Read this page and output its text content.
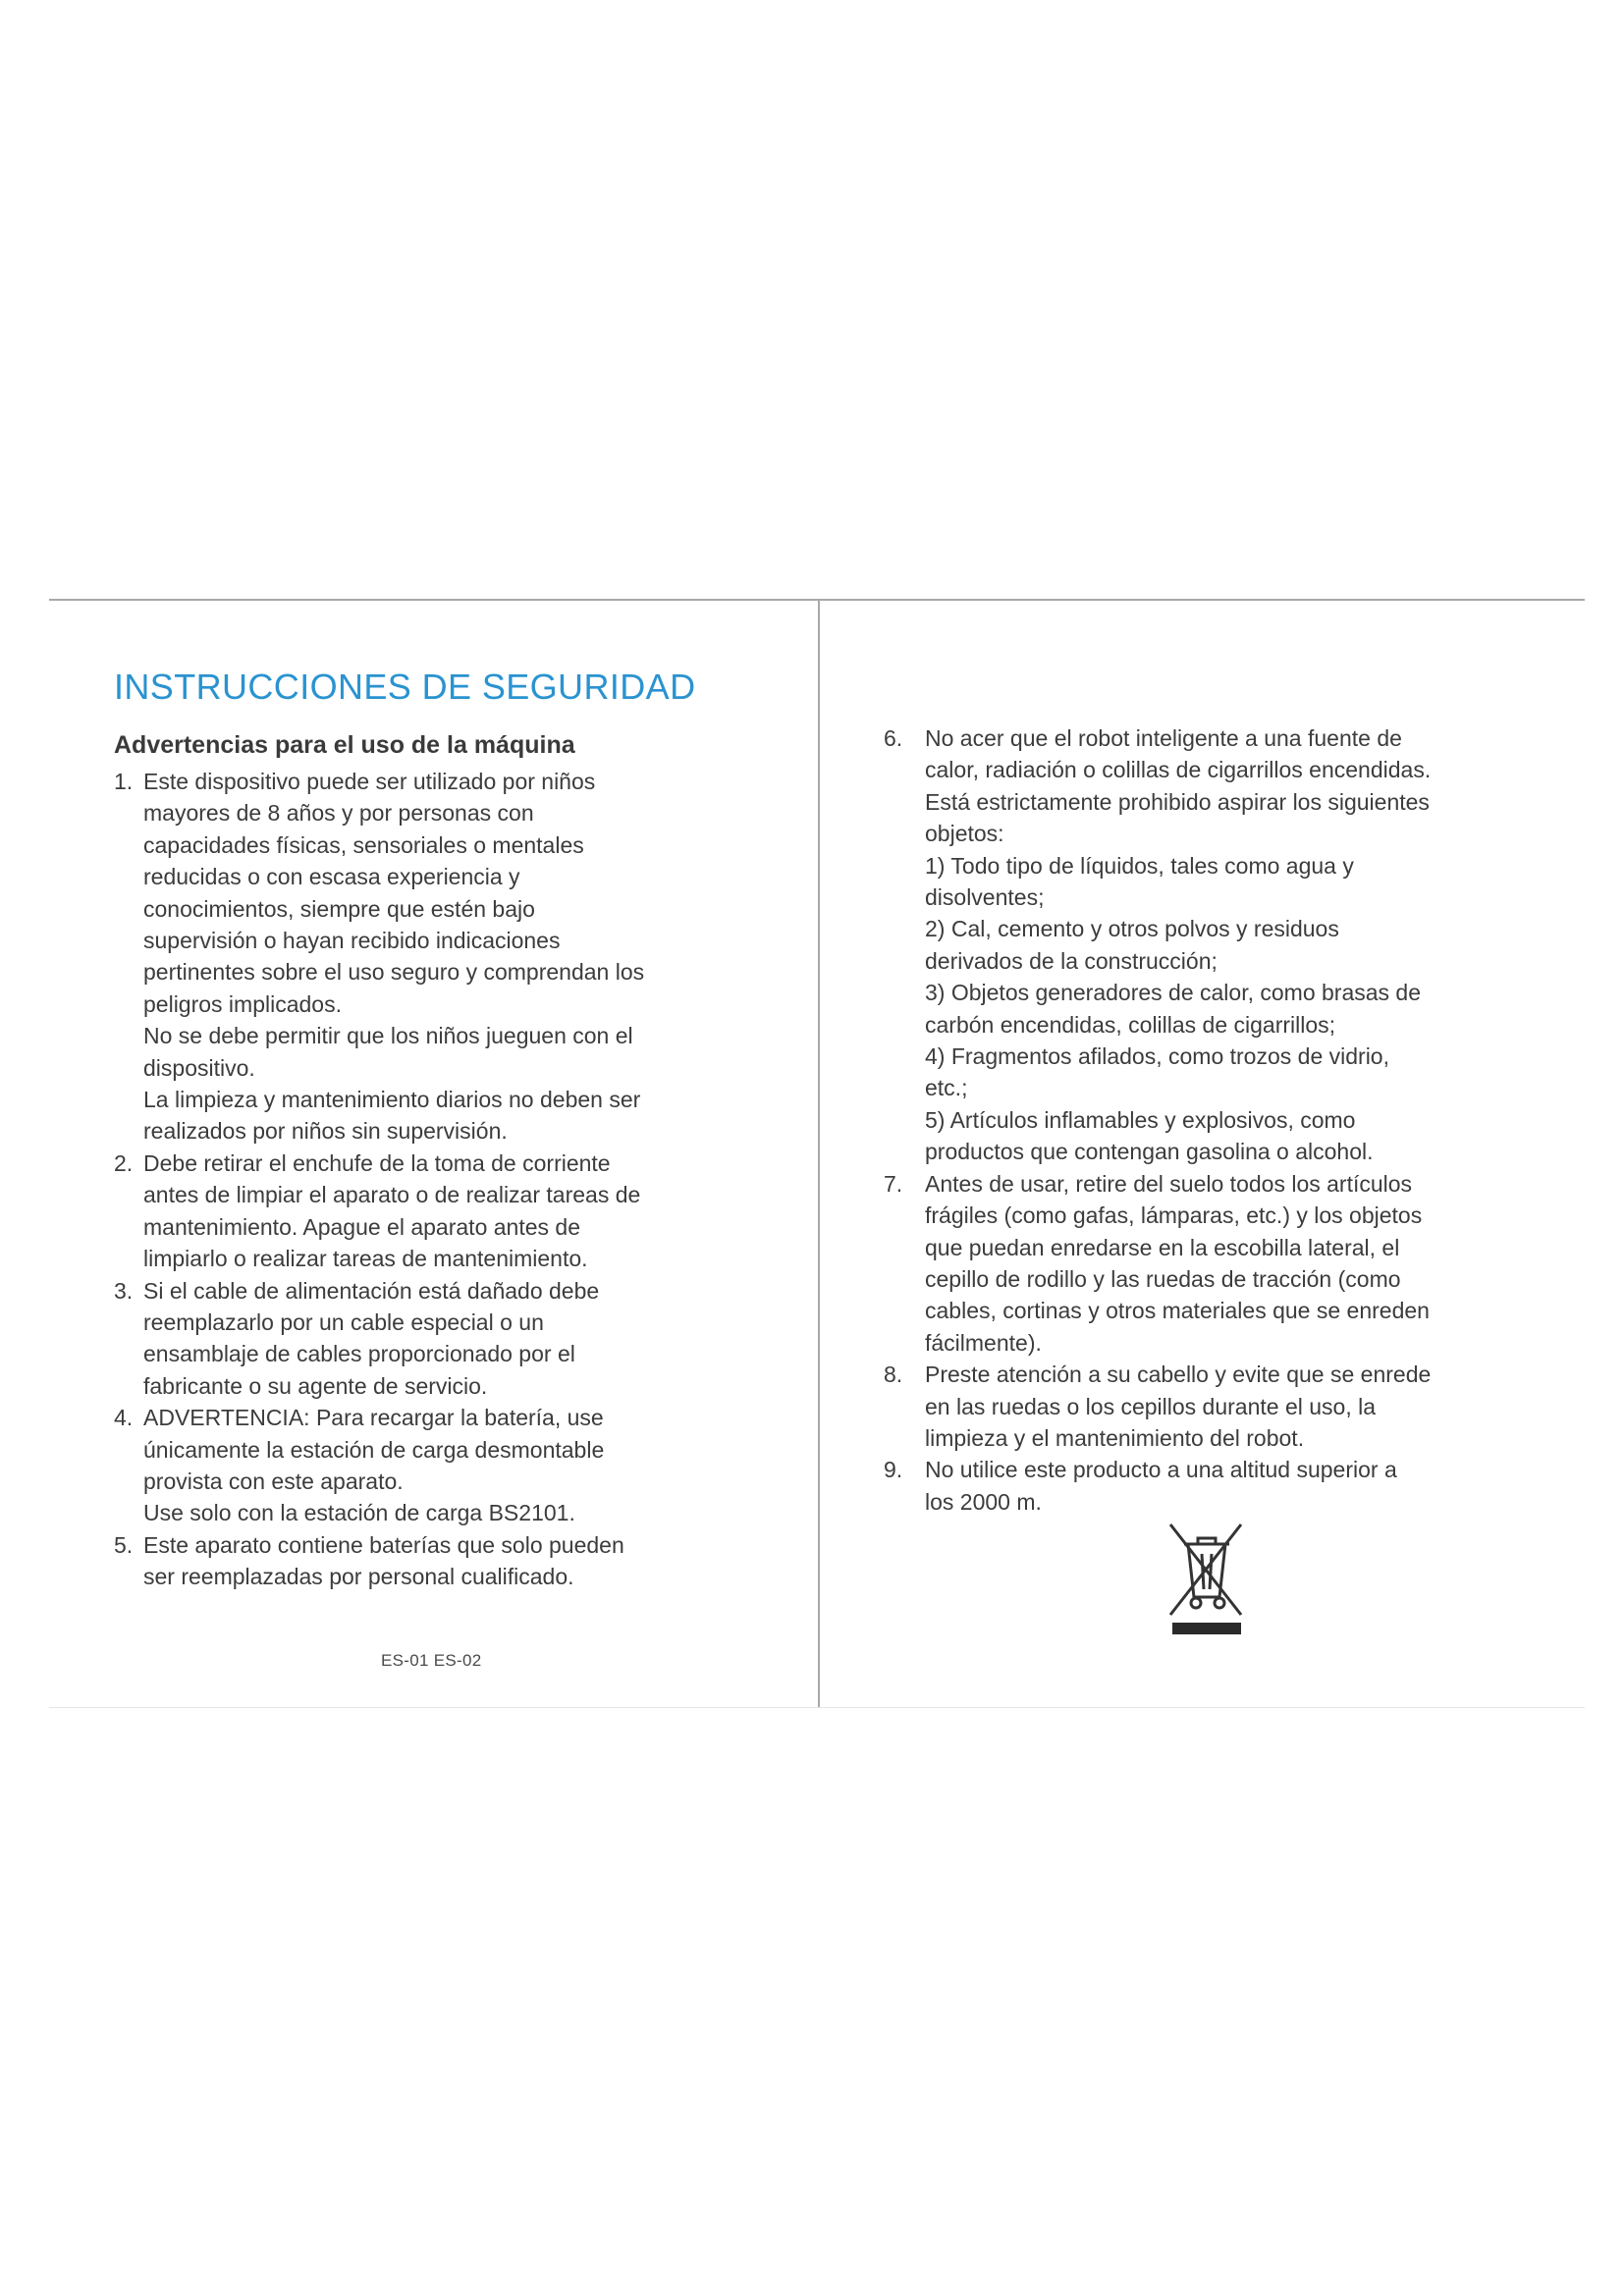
INSTRUCCIONES DE SEGURIDAD
Advertencias para el uso de la máquina
1. Este dispositivo puede ser utilizado por niños
mayores de 8 años y por personas con
capacidades físicas, sensoriales o mentales
reducidas o con escasa experiencia y
conocimientos, siempre que estén bajo
supervisión o hayan recibido indicaciones
pertinentes sobre el uso seguro y comprendan los
peligros implicados.
No se debe permitir que los niños jueguen con el
dispositivo.
La limpieza y mantenimiento diarios no deben ser
realizados por niños sin supervisión.
2. Debe retirar el enchufe de la toma de corriente
antes de limpiar el aparato o de realizar tareas de
mantenimiento. Apague el aparato antes de
limpiarlo o realizar tareas de mantenimiento.
3. Si el cable de alimentación está dañado debe
reemplazarlo por un cable especial o un
ensamblaje de cables proporcionado por el
fabricante o su agente de servicio.
4. ADVERTENCIA: Para recargar la batería, use
únicamente la estación de carga desmontable
provista con este aparato.
Use solo con la estación de carga BS2101.
5. Este aparato contiene baterías que solo pueden
ser reemplazadas por personal cualificado.
6. No acer que el robot inteligente a una fuente de
calor, radiación o colillas de cigarrillos encendidas.
Está estrictamente prohibido aspirar los siguientes
objetos:
1) Todo tipo de líquidos, tales como agua y
disolventes;
2) Cal, cemento y otros polvos y residuos
derivados de la construcción;
3) Objetos generadores de calor, como brasas de
carbón encendidas, colillas de cigarrillos;
4) Fragmentos afilados, como trozos de vidrio,
etc.;
5) Artículos inflamables y explosivos, como
productos que contengan gasolina o alcohol.
7. Antes de usar, retire del suelo todos los artículos
frágiles (como gafas, lámparas, etc.) y los objetos
que puedan enredarse en la escobilla lateral, el
cepillo de rodillo y las ruedas de tracción (como
cables, cortinas y otros materiales que se enreden
fácilmente).
8. Preste atención a su cabello y evite que se enrede
en las ruedas o los cepillos durante el uso, la
limpieza y el mantenimiento del robot.
9. No utilice este producto a una altitud superior a
los 2000 m.
ES-01 ES-02
